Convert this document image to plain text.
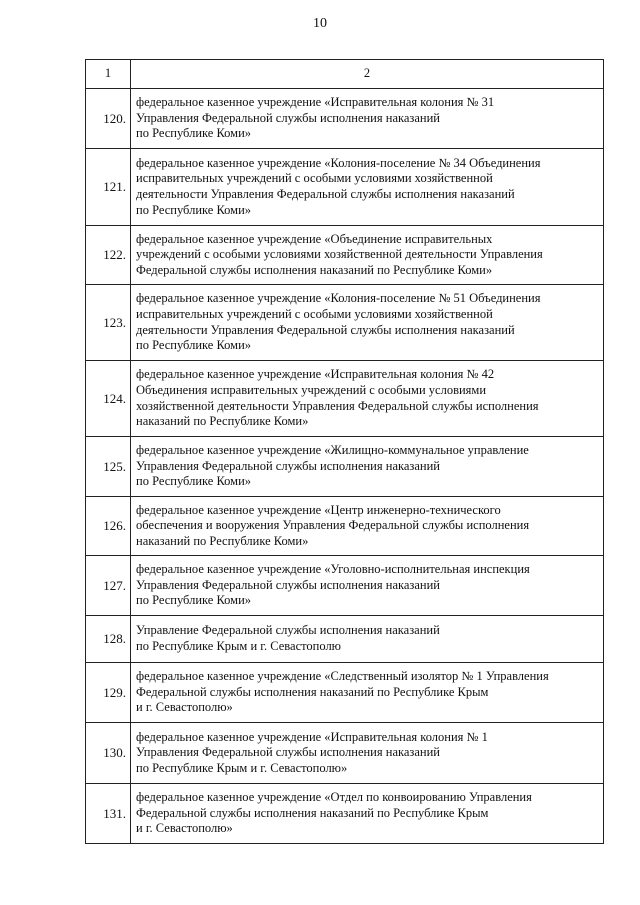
10
1	2
120.	федеральное казенное учреждение «Исправительная колония № 31
Управления Федеральной службы исполнения наказаний
по Республике Коми»

121.	федеральное казенное учреждение «Колония-поселение № 34 Объединения
исправительных учреждений с особыми условиями хозяйственной
деятельности Управления Федеральной службы исполнения наказаний
по Республике Коми»

122.	федеральное казенное учреждение «Объединение исправительных
учреждений с особыми условиями хозяйственной деятельности Управления
Федеральной службы исполнения наказаний по Республике Коми»

123.	федеральное казенное учреждение «Колония-поселение № 51 Объединения
исправительных учреждений с особыми условиями хозяйственной
деятельности Управления Федеральной службы исполнения наказаний
по Республике Коми»

124.	федеральное казенное учреждение «Исправительная колония № 42
Объединения исправительных учреждений с особыми условиями
хозяйственной деятельности Управления Федеральной службы исполнения
наказаний по Республике Коми»

125.	федеральное казенное учреждение «Жилищно-коммунальное управление
Управления Федеральной службы исполнения наказаний
по Республике Коми»

126.	федеральное казенное учреждение «Центр инженерно-технического
обеспечения и вооружения Управления Федеральной службы исполнения
наказаний по Республике Коми»

127.	федеральное казенное учреждение «Уголовно-исполнительная инспекция
Управления Федеральной службы исполнения наказаний
по Республике Коми»

128.	Управление Федеральной службы исполнения наказаний
по Республике Крым и г. Севастополю

129.	федеральное казенное учреждение «Следственный изолятор № 1 Управления
Федеральной службы исполнения наказаний по Республике Крым
и г. Севастополю»

130.	федеральное казенное учреждение «Исправительная колония № 1
Управления Федеральной службы исполнения наказаний
по Республике Крым и г. Севастополю»

131.	федеральное казенное учреждение «Отдел по конвоированию Управления
Федеральной службы исполнения наказаний по Республике Крым
и г. Севастополю»
